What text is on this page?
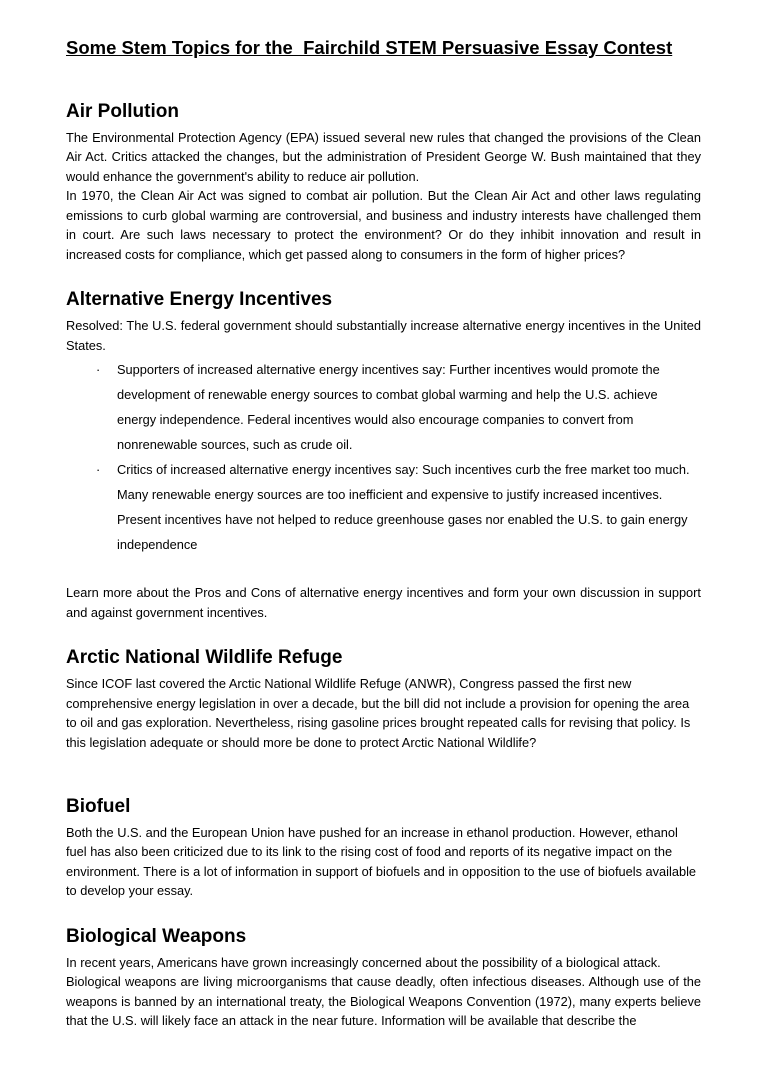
Some Stem Topics for the  Fairchild STEM Persuasive Essay Contest
Air Pollution

The Environmental Protection Agency (EPA) issued several new rules that changed the provisions of the Clean Air Act. Critics attacked the changes, but the administration of President George W. Bush maintained that they would enhance the government's ability to reduce air pollution.

In 1970, the Clean Air Act was signed to combat air pollution. But the Clean Air Act and other laws regulating emissions to curb global warming are controversial, and business and industry interests have challenged them in court. Are such laws necessary to protect the environment? Or do they inhibit innovation and result in increased costs for compliance, which get passed along to consumers in the form of higher prices?

Alternative Energy Incentives

Resolved: The U.S. federal government should substantially increase alternative energy incentives in the United States.

· Supporters of increased alternative energy incentives say: Further incentives would promote the development of renewable energy sources to combat global warming and help the U.S. achieve energy independence. Federal incentives would also encourage companies to convert from nonrenewable sources, such as crude oil.
· Critics of increased alternative energy incentives say: Such incentives curb the free market too much. Many renewable energy sources are too inefficient and expensive to justify increased incentives. Present incentives have not helped to reduce greenhouse gases nor enabled the U.S. to gain energy independence

Learn more about the Pros and Cons of alternative energy incentives and form your own discussion in support and against government incentives.

Arctic National Wildlife Refuge

Since ICOF last covered the Arctic National Wildlife Refuge (ANWR), Congress passed the first new comprehensive energy legislation in over a decade, but the bill did not include a provision for opening the area to oil and gas exploration. Nevertheless, rising gasoline prices brought repeated calls for revising that policy. Is this legislation adequate or should more be done to protect Arctic National Wildlife?

Biofuel

Both the U.S. and the European Union have pushed for an increase in ethanol production. However, ethanol fuel has also been criticized due to its link to the rising cost of food and reports of its negative impact on the environment. There is a lot of information in support of biofuels and in opposition to the use of biofuels available to develop your essay.

Biological Weapons

In recent years, Americans have grown increasingly concerned about the possibility of a biological attack.

Biological weapons are living microorganisms that cause deadly, often infectious diseases. Although use of the weapons is banned by an international treaty, the Biological Weapons Convention (1972), many experts believe that the U.S. will likely face an attack in the near future. Information will be available that describe the
